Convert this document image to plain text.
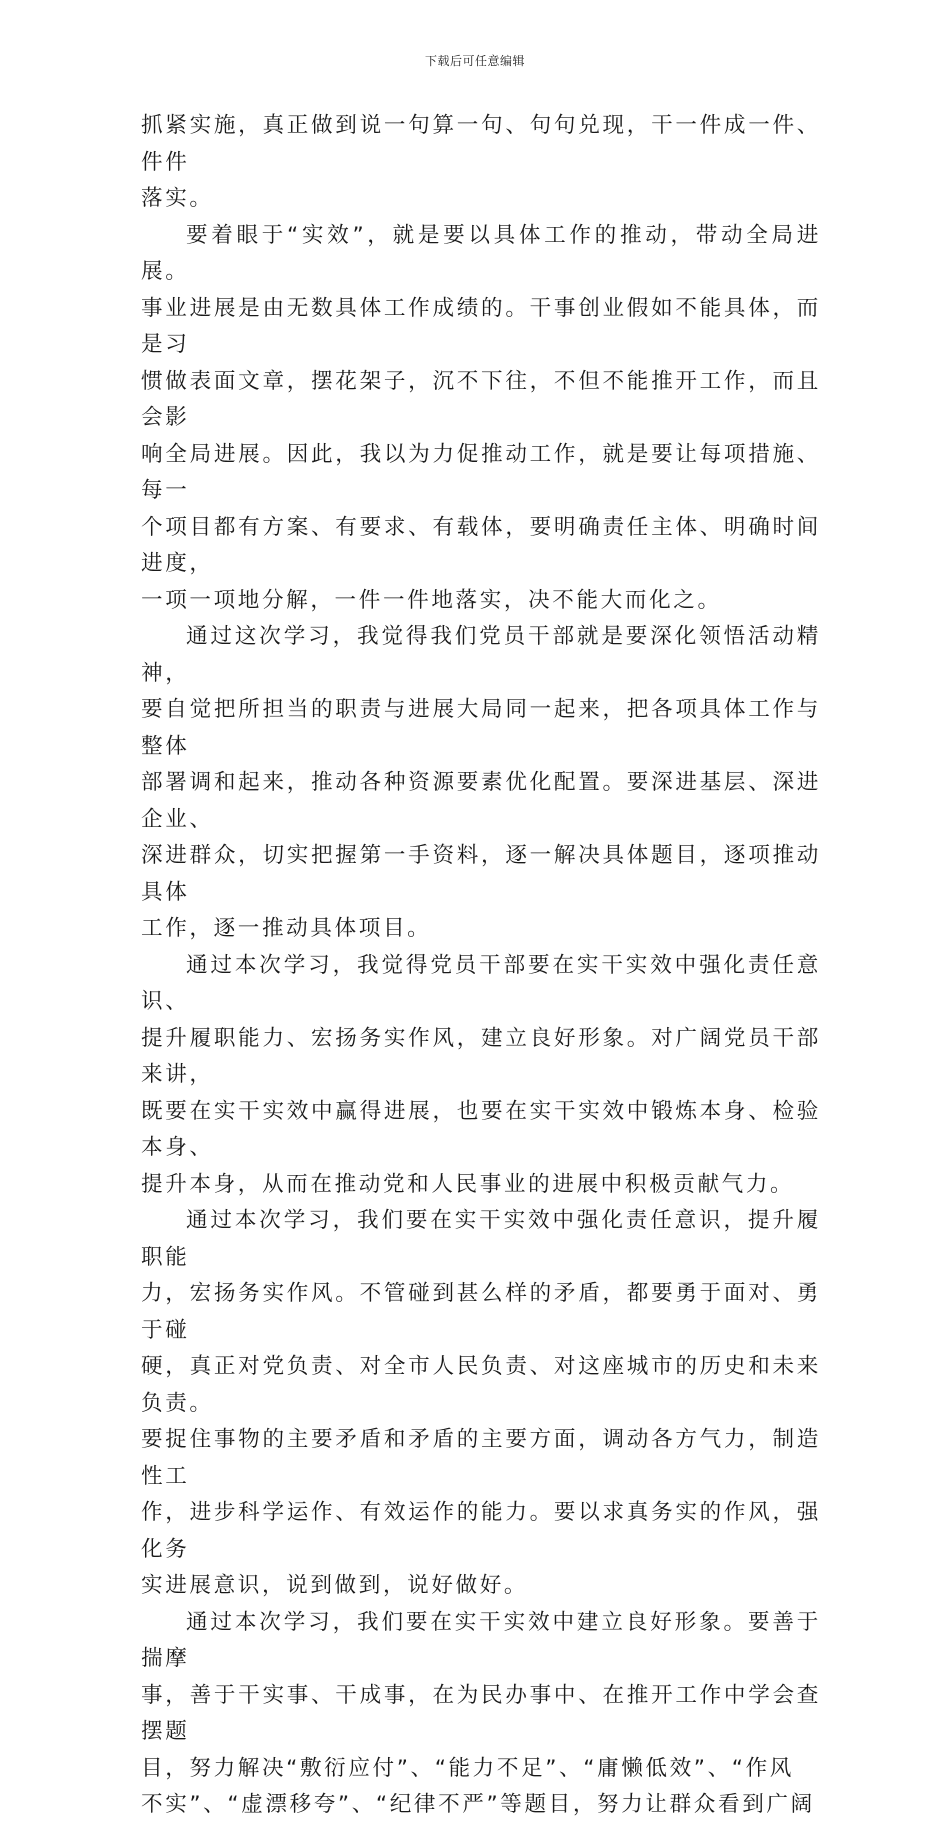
下载后可任意编辑

抓紧实施，真正做到说一句算一句、句句兑现，干一件成一件、件件
落实。

要着眼于“实效”，就是要以具体工作的推动，带动全局进展。
事业进展是由无数具体工作成绩的。干事创业假如不能具体，而是习
惯做表面文章，摆花架子，沉不下往，不但不能推开工作，而且会影
响全局进展。因此，我以为力促推动工作，就是要让每项措施、每一
个项目都有方案、有要求、有载体，要明确责任主体、明确时间进度，
一项一项地分解，一件一件地落实，决不能大而化之。

通过这次学习，我觉得我们党员干部就是要深化领悟活动精神，
要自觉把所担当的职责与进展大局同一起来，把各项具体工作与整体
部署调和起来，推动各种资源要素优化配置。要深进基层、深进企业、
深进群众，切实把握第一手资料，逐一解决具体题目，逐项推动具体
工作，逐一推动具体项目。

通过本次学习，我觉得党员干部要在实干实效中强化责任意识、
提升履职能力、宏扬务实作风，建立良好形象。对广阔党员干部来讲，
既要在实干实效中赢得进展，也要在实干实效中锻炼本身、检验本身、
提升本身，从而在推动党和人民事业的进展中积极贡献气力。

通过本次学习，我们要在实干实效中强化责任意识，提升履职能
力，宏扬务实作风。不管碰到甚么样的矛盾，都要勇于面对、勇于碰
硬，真正对党负责、对全市人民负责、对这座城市的历史和未来负责。
要捉住事物的主要矛盾和矛盾的主要方面，调动各方气力，制造性工
作，进步科学运作、有效运作的能力。要以求真务实的作风，强化务
实进展意识，说到做到，说好做好。

通过本次学习，我们要在实干实效中建立良好形象。要善于揣摩
事，善于干实事、干成事，在为民办事中、在推开工作中学会查摆题
目，努力解决“敷衍应付”、“能力不足”、“庸懒低效”、“作风
不实”、“虚漂移夸”、“纪律不严”等题目，努力让群众看到广阔
